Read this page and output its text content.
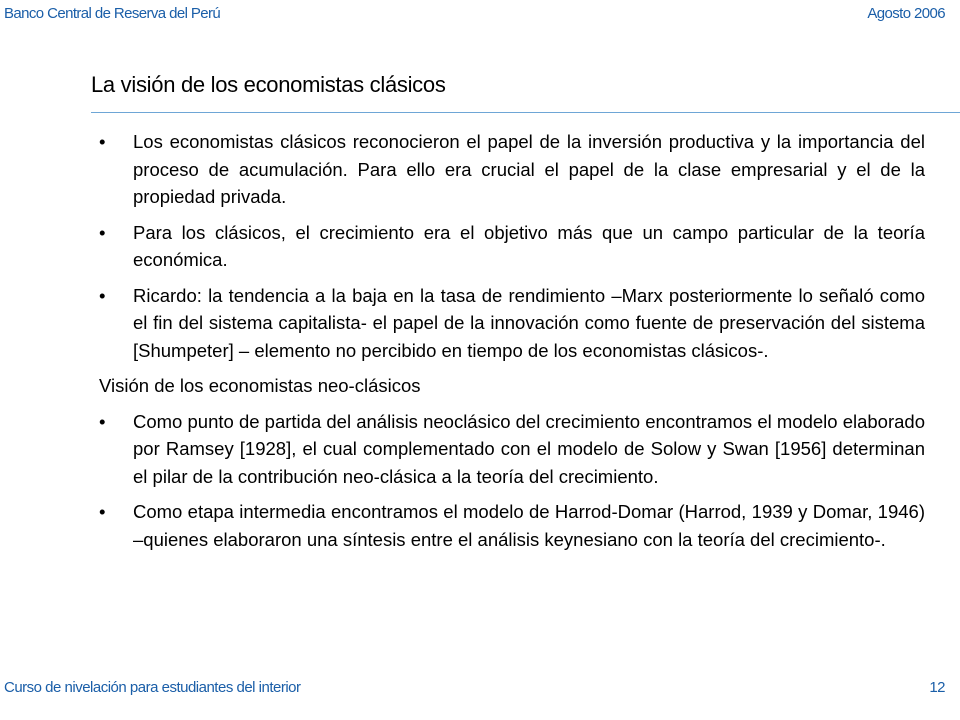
Banco Central de Reserva del Perú	Agosto 2006
La visión de los economistas clásicos
•	Los economistas clásicos reconocieron el papel de la inversión productiva y la importancia del proceso de acumulación. Para ello era crucial el papel de la clase empresarial y el de la propiedad privada.
•	Para los clásicos, el crecimiento era el objetivo más que un campo particular de la teoría económica.
•	Ricardo: la tendencia a la baja en la tasa de rendimiento –Marx posteriormente lo señaló como el fin del sistema capitalista- el papel de la innovación como fuente de preservación del sistema [Shumpeter] – elemento no percibido en tiempo de los economistas clásicos-.
Visión de los economistas neo-clásicos
•	Como punto de partida del análisis neoclásico del crecimiento encontramos el modelo elaborado por Ramsey [1928], el cual complementado con el modelo de Solow y Swan [1956] determinan el pilar de la contribución neo-clásica a la teoría del crecimiento.
•	Como etapa intermedia encontramos el modelo de Harrod-Domar (Harrod, 1939 y Domar, 1946) –quienes elaboraron una síntesis entre el análisis keynesiano con la teoría del crecimiento-.
Curso de nivelación para estudiantes del interior	12
